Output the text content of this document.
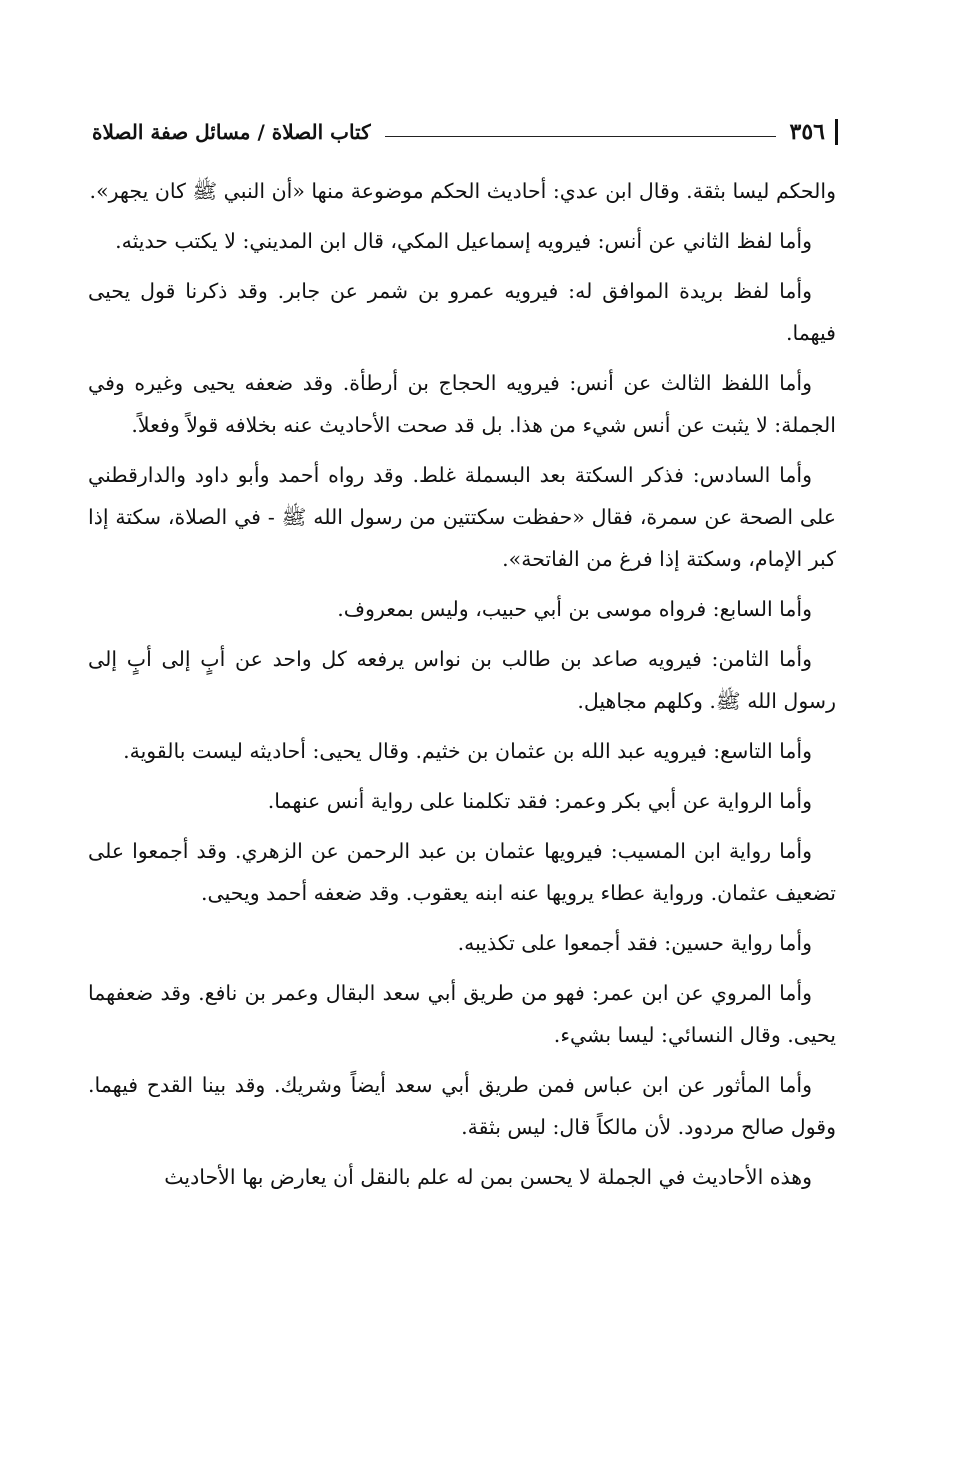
٣٥٦
كتاب الصلاة / مسائل صفة الصلاة

والحكم ليسا بثقة. وقال ابن عدي: أحاديث الحكم موضوعة منها «أن النبي ﷺ كان يجهر».

وأما لفظ الثاني عن أنس: فيرويه إسماعيل المكي، قال ابن المديني: لا يكتب حديثه.

وأما لفظ بريدة الموافق له: فيرويه عمرو بن شمر عن جابر. وقد ذكرنا قول يحيى فيهما.

وأما اللفظ الثالث عن أنس: فيرويه الحجاج بن أرطأة. وقد ضعفه يحيى وغيره وفي الجملة: لا يثبت عن أنس شيء من هذا. بل قد صحت الأحاديث عنه بخلافه قولاً وفعلاً.

وأما السادس: فذكر السكتة بعد البسملة غلط. وقد رواه أحمد وأبو داود والدارقطني على الصحة عن سمرة، فقال «حفظت سكتتين من رسول الله ﷺ - في الصلاة، سكتة إذا كبر الإمام، وسكتة إذا فرغ من الفاتحة».

وأما السابع: فرواه موسى بن أبي حبيب، وليس بمعروف.

وأما الثامن: فيرويه صاعد بن طالب بن نواس يرفعه كل واحد عن أبٍ إلى أبٍ إلى رسول الله ﷺ. وكلهم مجاهيل.

وأما التاسع: فيرويه عبد الله بن عثمان بن خثيم. وقال يحيى: أحاديثه ليست بالقوية.

وأما الرواية عن أبي بكر وعمر: فقد تكلمنا على رواية أنس عنهما.

وأما رواية ابن المسيب: فيرويها عثمان بن عبد الرحمن عن الزهري. وقد أجمعوا على تضعيف عثمان. ورواية عطاء يرويها عنه ابنه يعقوب. وقد ضعفه أحمد ويحيى.

وأما رواية حسين: فقد أجمعوا على تكذيبه.

وأما المروي عن ابن عمر: فهو من طريق أبي سعد البقال وعمر بن نافع. وقد ضعفهما يحيى. وقال النسائي: ليسا بشيء.

وأما المأثور عن ابن عباس فمن طريق أبي سعد أيضاً وشريك. وقد بينا القدح فيهما. وقول صالح مردود. لأن مالكاً قال: ليس بثقة.

وهذه الأحاديث في الجملة لا يحسن بمن له علم بالنقل أن يعارض بها الأحاديث
